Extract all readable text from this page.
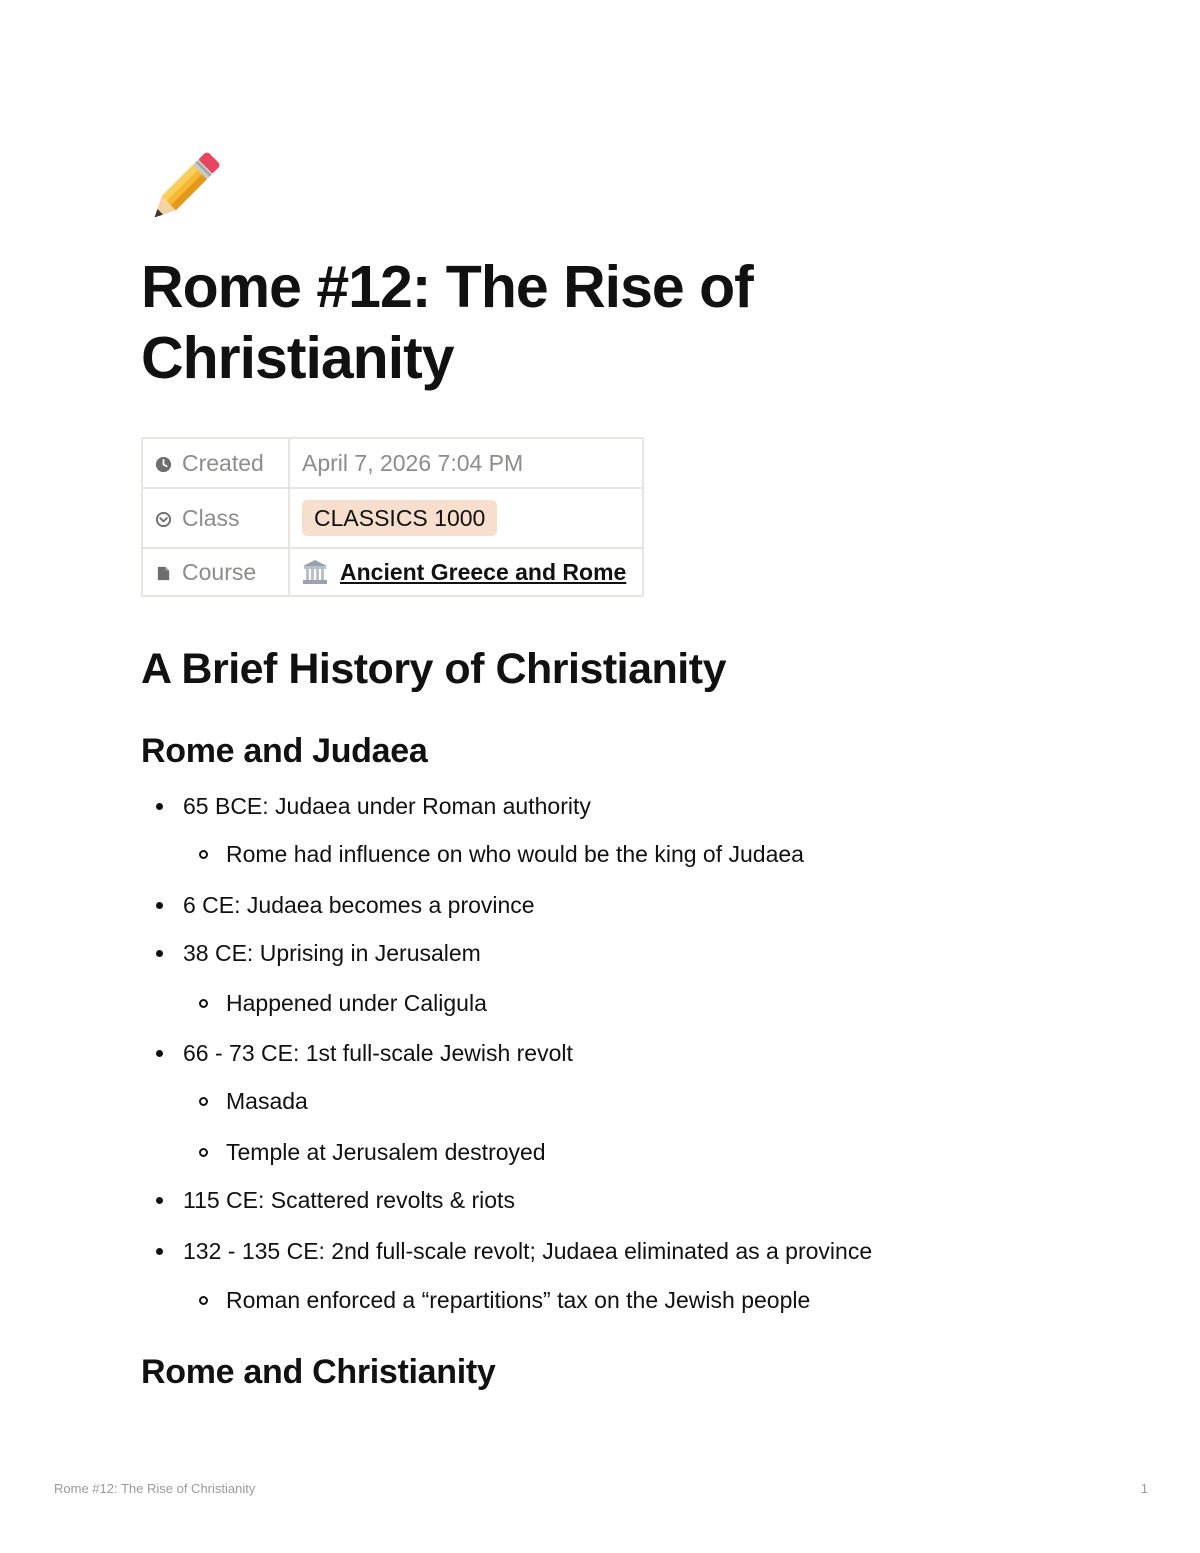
Rome #12: The Rise of Christianity
Created	April 7, 2026 7:04 PM
Class	CLASSICS 1000
Course	Ancient Greece and Rome
A Brief History of Christianity
Rome and Judaea
65 BCE: Judaea under Roman authority
Rome had influence on who would be the king of Judaea
6 CE: Judaea becomes a province
38 CE: Uprising in Jerusalem
Happened under Caligula
66 - 73 CE: 1st full-scale Jewish revolt
Masada
Temple at Jerusalem destroyed
115 CE: Scattered revolts & riots
132 - 135 CE: 2nd full-scale revolt; Judaea eliminated as a province
Roman enforced a “repartitions” tax on the Jewish people
Rome and Christianity
Rome #12: The Rise of Christianity	1
